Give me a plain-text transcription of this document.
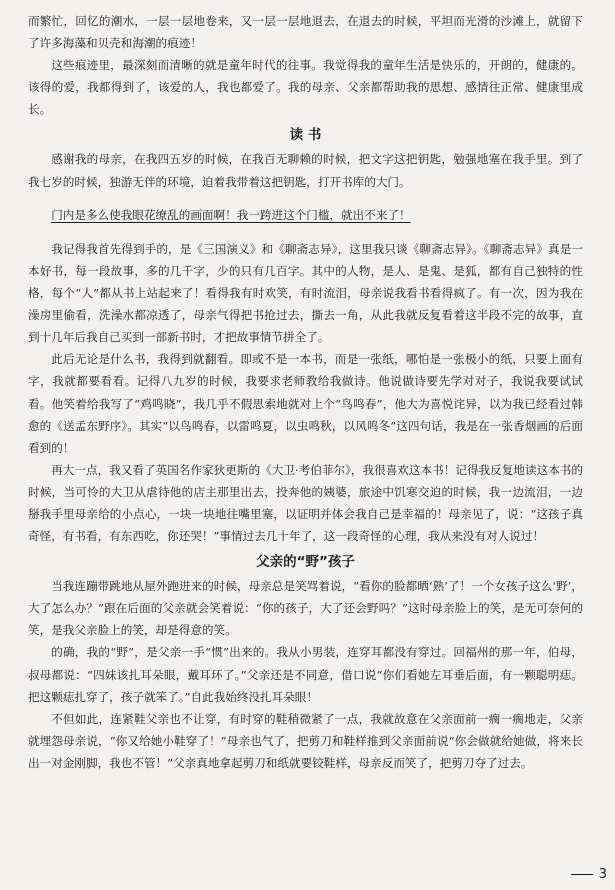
而繁忙，回忆的潮水，一层一层地卷来，又一层一层地退去，在退去的时候，平坦而光滑的沙滩上，就留下了许多海藻和贝壳和海潮的痕迹！

这些痕迹里，最深刻而清晰的就是童年时代的往事。我觉得我的童年生活是快乐的，开朗的，健康的。该得的爱，我都得到了，该爱的人，我也都爱了。我的母亲、父亲都帮助我的思想、感情往正常、健康里成长。

读 书

感谢我的母亲，在我四五岁的时候，在我百无聊赖的时候，把文字这把钥匙，勉强地塞在我手里。到了我七岁的时候，独游无伴的环境，迫着我带着这把钥匙，打开书库的大门。

门内是多么使我眼花缭乱的画面啊！我一跨进这个门槛，就出不来了！

我记得我首先得到手的，是《三国演义》和《聊斋志异》，这里我只谈《聊斋志异》。《聊斋志异》真是一本好书，每一段故事，多的几千字，少的只有几百字。其中的人物，是人、是鬼、是狐，都有自己独特的性格，每个“人”都从书上站起来了！看得我有时欢笑，有时流泪，母亲说我看书看得疯了。有一次，因为我在澡房里偷看，洗澡水都凉透了，母亲气得把书抢过去，撕去一角，从此我就反复看着这半段不完的故事，直到十几年后我自己买到一部新书时，才把故事情节拼全了。

此后无论是什么书，我得到就翻看。即或不是一本书，而是一张纸，哪怕是一张极小的纸，只要上面有字，我就都要看看。记得八九岁的时候，我要求老师教给我做诗。他说做诗要先学对对子，我说我要试试看。他笑着给我写了“鸡鸣晓”，我几乎不假思索地就对上个“鸟鸣春”，他大为喜悦诧异，以为我已经看过韩愈的《送孟东野序》。其实“以鸟鸣春，以雷鸣夏，以虫鸣秋，以风鸣冬”这四句话，我是在一张香烟画的后面看到的！

再大一点，我又看了英国名作家狄更斯的《大卫·考伯菲尔》，我很喜欢这本书！记得我反复地读这本书的时候，当可怜的大卫从虐待他的店主那里出去，投奔他的姨婆，旅途中饥寒交迫的时候，我一边流泪，一边掰我手里母亲给的小点心，一块一块地往嘴里塞，以证明并体会我自己是幸福的！母亲见了，说：“这孩子真奇怪，有书看，有东西吃，你还哭！”事情过去几十年了，这一段奇怪的心理，我从来没有对人说过！

父亲的“野”孩子

当我连蹦带跳地从屋外跑进来的时候，母亲总是笑骂着说，“看你的脸都晒‘熟’了！一个女孩子这么‘野’，大了怎么办？”跟在后面的父亲就会笑着说：“你的孩子，大了还会野吗？”这时母亲脸上的笑，是无可奈何的笑，是我父亲脸上的笑，却是得意的笑。

的确，我的“野”，是父亲一手“惯”出来的。我从小男装，连穿耳都没有穿过。回福州的那一年，伯母，叔母都说：“四妹该扎耳朵眼，戴耳环了。”父亲还是不同意，借口说“你们看她左耳垂后面，有一颗聪明痣。把这颗痣扎穿了，孩子就笨了。”自此我始终没扎耳朵眼！

不但如此，连紧鞋父亲也不让穿，有时穿的鞋稍微紧了一点，我就故意在父亲面前一瘸一瘸地走，父亲就埋怨母亲说，“你又给她小鞋穿了！”母亲也气了，把剪刀和鞋样推到父亲面前说“你会做就给她做，将来长出一对金刚脚，我也不管！”父亲真地拿起剪刀和纸就要铰鞋样，母亲反而笑了，把剪刀夺了过去。

3
